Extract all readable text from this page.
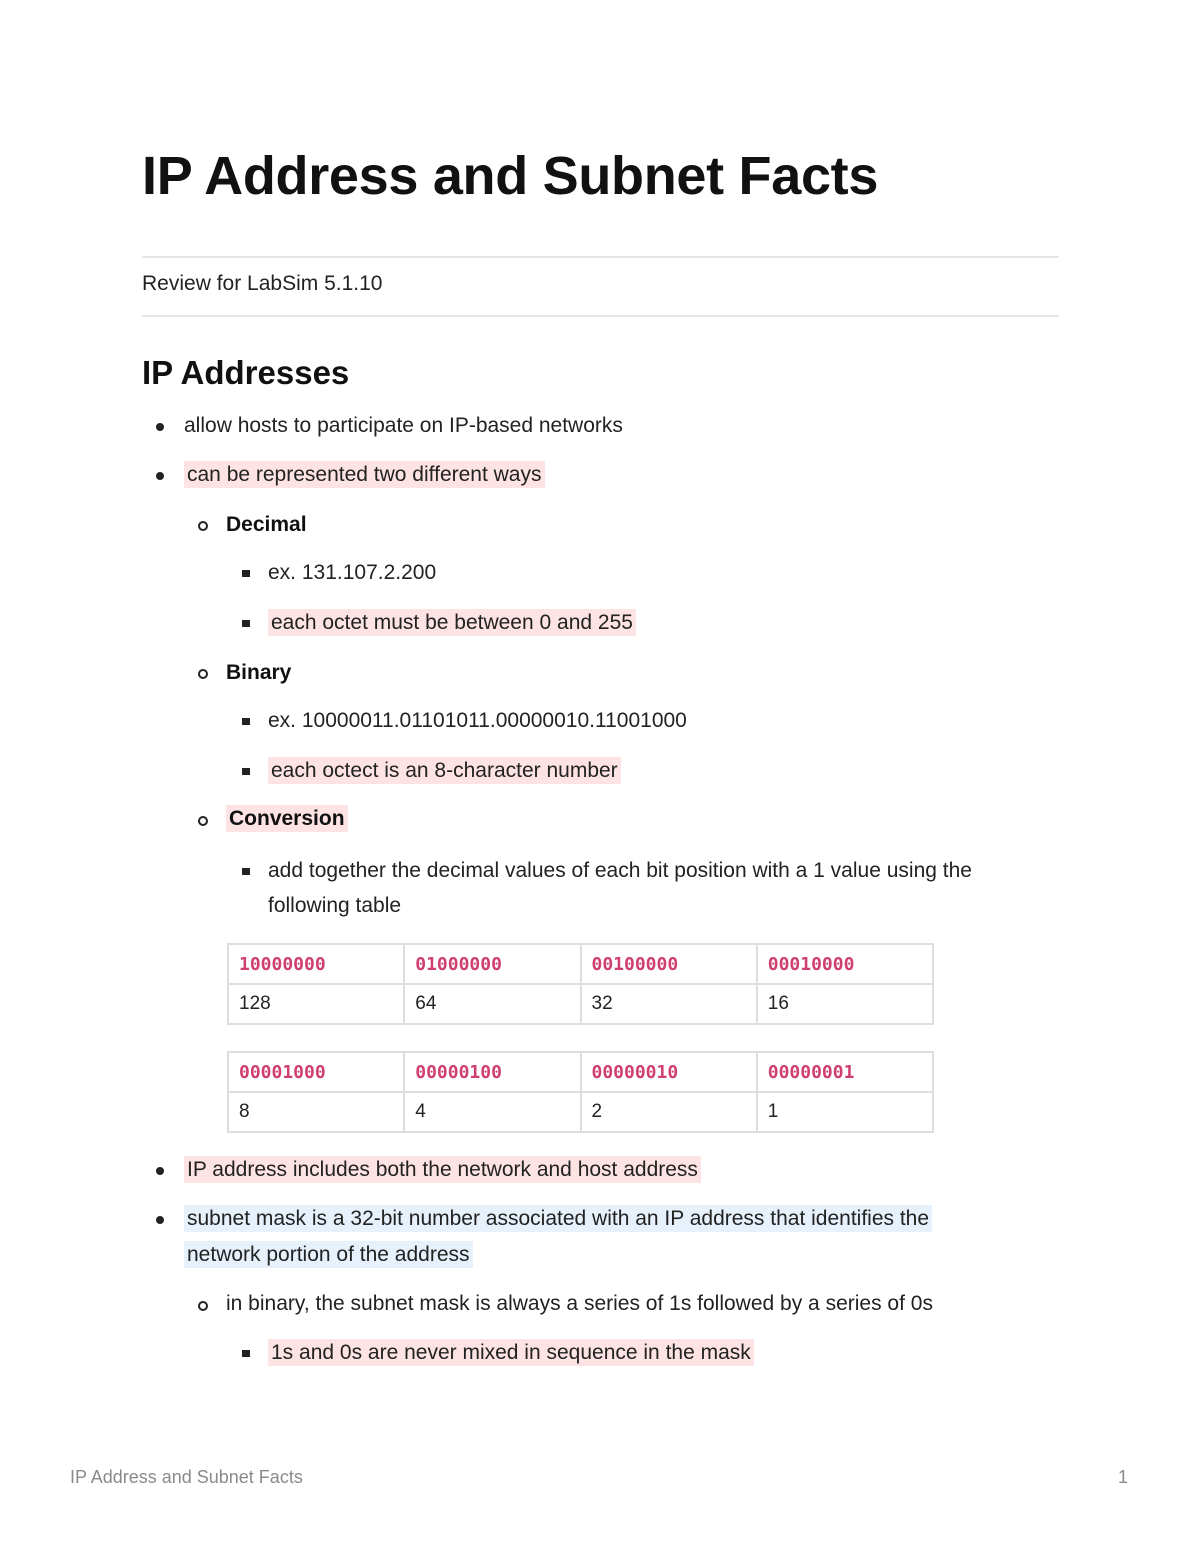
IP Address and Subnet Facts
Review for LabSim 5.1.10
IP Addresses
allow hosts to participate on IP-based networks
can be represented two different ways
Decimal
ex. 131.107.2.200
each octet must be between 0 and 255
Binary
ex. 10000011.01101011.00000010.11001000
each octect is an 8-character number
Conversion
add together the decimal values of each bit position with a 1 value using the
following table
10000000	01000000	00100000	00010000
128	64	32	16
00001000	00000100	00000010	00000001
8	4	2	1
IP address includes both the network and host address
subnet mask is a 32-bit number associated with an IP address that identifies the
network portion of the address
in binary, the subnet mask is always a series of 1s followed by a series of 0s
1s and 0s are never mixed in sequence in the mask
IP Address and Subnet Facts	1
